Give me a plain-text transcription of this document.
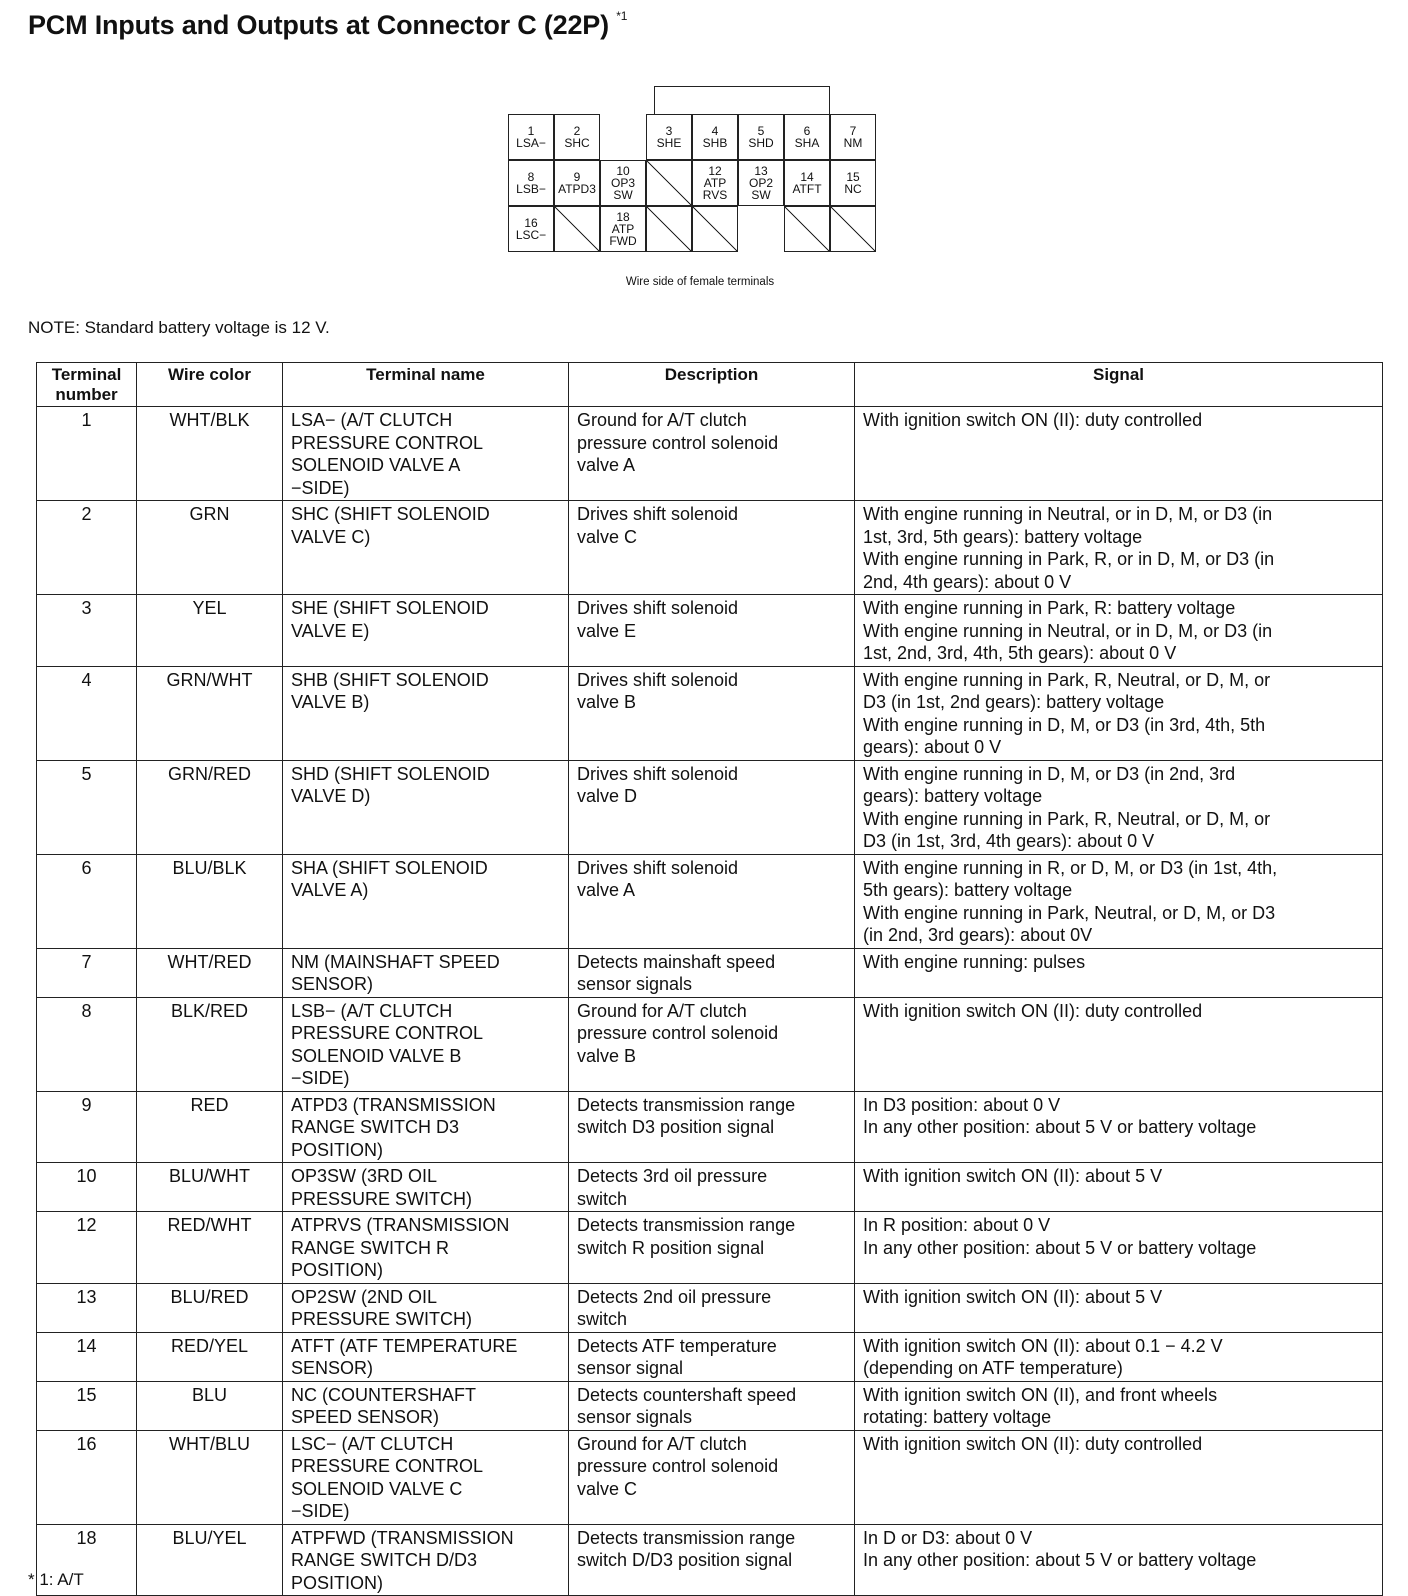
PCM Inputs and Outputs at Connector C (22P) $^{*1}$
1
LSA−
2
SHC
3
SHE
4
SHB
5
SHD
6
SHA
7
NM
8
LSB−
9
ATPD3
10
OP3
SW
12
ATP
RVS
13
OP2
SW
14
ATFT
15
NC
16
LSC−
18
ATP
FWD
Wire side of female terminals
NOTE: Standard battery voltage is 12 V.
Terminal number	Wire color	Terminal name	Description	Signal

1	WHT/BLK	LSA− (A/T CLUTCH
PRESSURE CONTROL
SOLENOID VALVE A
−SIDE)	Ground for A/T clutch
pressure control solenoid
valve A	With ignition switch ON (II): duty controlled

2	GRN	SHC (SHIFT SOLENOID
VALVE C)	Drives shift solenoid
valve C	With engine running in Neutral, or in D, M, or D3 (in
1st, 3rd, 5th gears): battery voltage
With engine running in Park, R, or in D, M, or D3 (in
2nd, 4th gears): about 0 V

3	YEL	SHE (SHIFT SOLENOID
VALVE E)	Drives shift solenoid
valve E	With engine running in Park, R: battery voltage
With engine running in Neutral, or in D, M, or D3 (in
1st, 2nd, 3rd, 4th, 5th gears): about 0 V

4	GRN/WHT	SHB (SHIFT SOLENOID
VALVE B)	Drives shift solenoid
valve B	With engine running in Park, R, Neutral, or D, M, or
D3 (in 1st, 2nd gears): battery voltage
With engine running in D, M, or D3 (in 3rd, 4th, 5th
gears): about 0 V

5	GRN/RED	SHD (SHIFT SOLENOID
VALVE D)	Drives shift solenoid
valve D	With engine running in D, M, or D3 (in 2nd, 3rd
gears): battery voltage
With engine running in Park, R, Neutral, or D, M, or
D3 (in 1st, 3rd, 4th gears): about 0 V

6	BLU/BLK	SHA (SHIFT SOLENOID
VALVE A)	Drives shift solenoid
valve A	With engine running in R, or D, M, or D3 (in 1st, 4th,
5th gears): battery voltage
With engine running in Park, Neutral, or D, M, or D3
(in 2nd, 3rd gears): about 0V

7	WHT/RED	NM (MAINSHAFT SPEED
SENSOR)	Detects mainshaft speed
sensor signals	With engine running: pulses

8	BLK/RED	LSB− (A/T CLUTCH
PRESSURE CONTROL
SOLENOID VALVE B
−SIDE)	Ground for A/T clutch
pressure control solenoid
valve B	With ignition switch ON (II): duty controlled

9	RED	ATPD3 (TRANSMISSION
RANGE SWITCH D3
POSITION)	Detects transmission range
switch D3 position signal	In D3 position: about 0 V
In any other position: about 5 V or battery voltage

10	BLU/WHT	OP3SW (3RD OIL
PRESSURE SWITCH)	Detects 3rd oil pressure
switch	With ignition switch ON (II): about 5 V

12	RED/WHT	ATPRVS (TRANSMISSION
RANGE SWITCH R
POSITION)	Detects transmission range
switch R position signal	In R position: about 0 V
In any other position: about 5 V or battery voltage

13	BLU/RED	OP2SW (2ND OIL
PRESSURE SWITCH)	Detects 2nd oil pressure
switch	With ignition switch ON (II): about 5 V

14	RED/YEL	ATFT (ATF TEMPERATURE
SENSOR)	Detects ATF temperature
sensor signal	With ignition switch ON (II): about 0.1 − 4.2 V
(depending on ATF temperature)

15	BLU	NC (COUNTERSHAFT
SPEED SENSOR)	Detects countershaft speed
sensor signals	With ignition switch ON (II), and front wheels
rotating: battery voltage

16	WHT/BLU	LSC− (A/T CLUTCH
PRESSURE CONTROL
SOLENOID VALVE C
−SIDE)	Ground for A/T clutch
pressure control solenoid
valve C	With ignition switch ON (II): duty controlled

18	BLU/YEL	ATPFWD (TRANSMISSION
RANGE SWITCH D/D3
POSITION)	Detects transmission range
switch D/D3 position signal	In D or D3: about 0 V
In any other position: about 5 V or battery voltage
* 1: A/T
